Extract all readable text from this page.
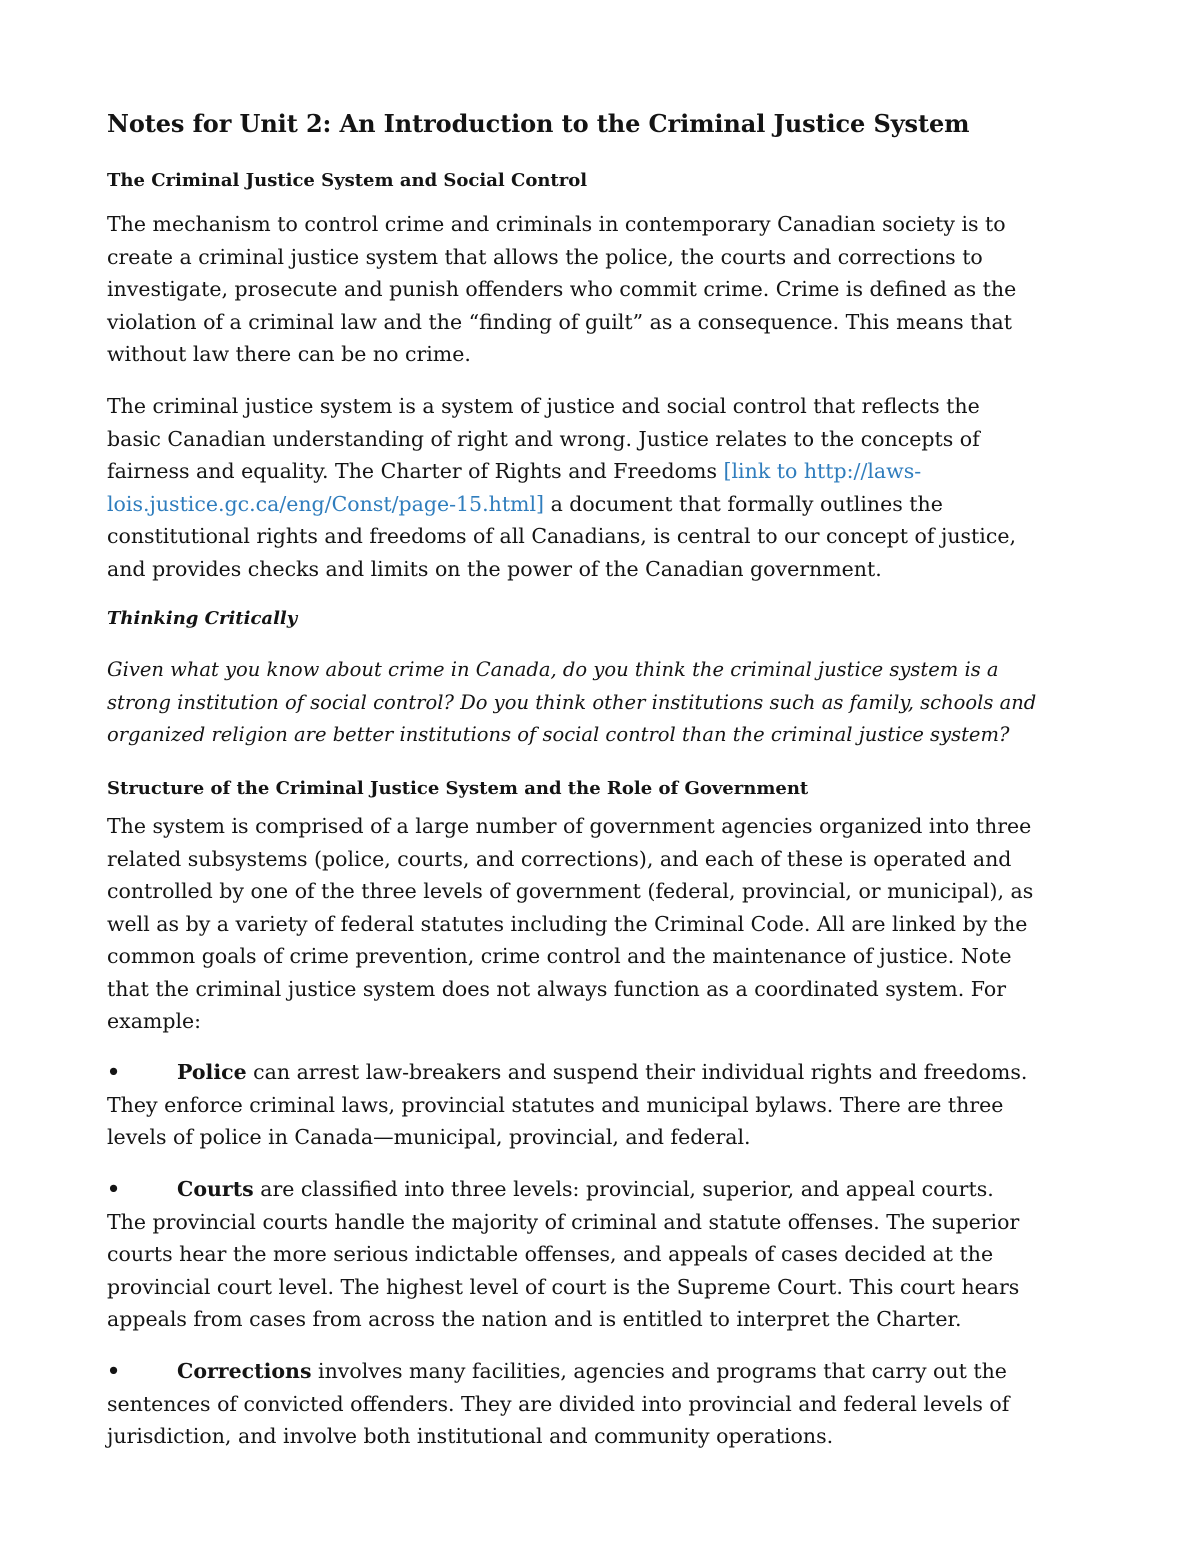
Notes for Unit 2: An Introduction to the Criminal Justice System
The Criminal Justice System and Social Control

The mechanism to control crime and criminals in contemporary Canadian society is to create a criminal justice system that allows the police, the courts and corrections to investigate, prosecute and punish offenders who commit crime. Crime is defined as the violation of a criminal law and the “finding of guilt” as a consequence. This means that without law there can be no crime.

The criminal justice system is a system of justice and social control that reflects the basic Canadian understanding of right and wrong. Justice relates to the concepts of fairness and equality. The Charter of Rights and Freedoms [link to http://laws-lois.justice.gc.ca/eng/Const/page-15.html] a document that formally outlines the constitutional rights and freedoms of all Canadians, is central to our concept of justice, and provides checks and limits on the power of the Canadian government.

Thinking Critically

Given what you know about crime in Canada, do you think the criminal justice system is a strong institution of social control? Do you think other institutions such as family, schools and organized religion are better institutions of social control than the criminal justice system?

Structure of the Criminal Justice System and the Role of Government

The system is comprised of a large number of government agencies organized into three related subsystems (police, courts, and corrections), and each of these is operated and controlled by one of the three levels of government (federal, provincial, or municipal), as well as by a variety of federal statutes including the Criminal Code. All are linked by the common goals of crime prevention, crime control and the maintenance of justice. Note that the criminal justice system does not always function as a coordinated system. For example:

•	Police can arrest law-breakers and suspend their individual rights and freedoms. They enforce criminal laws, provincial statutes and municipal bylaws. There are three levels of police in Canada—municipal, provincial, and federal.
•	Courts are classified into three levels: provincial, superior, and appeal courts. The provincial courts handle the majority of criminal and statute offenses. The superior courts hear the more serious indictable offenses, and appeals of cases decided at the provincial court level. The highest level of court is the Supreme Court. This court hears appeals from cases from across the nation and is entitled to interpret the Charter.
•	Corrections involves many facilities, agencies and programs that carry out the sentences of convicted offenders. They are divided into provincial and federal levels of jurisdiction, and involve both institutional and community operations.
